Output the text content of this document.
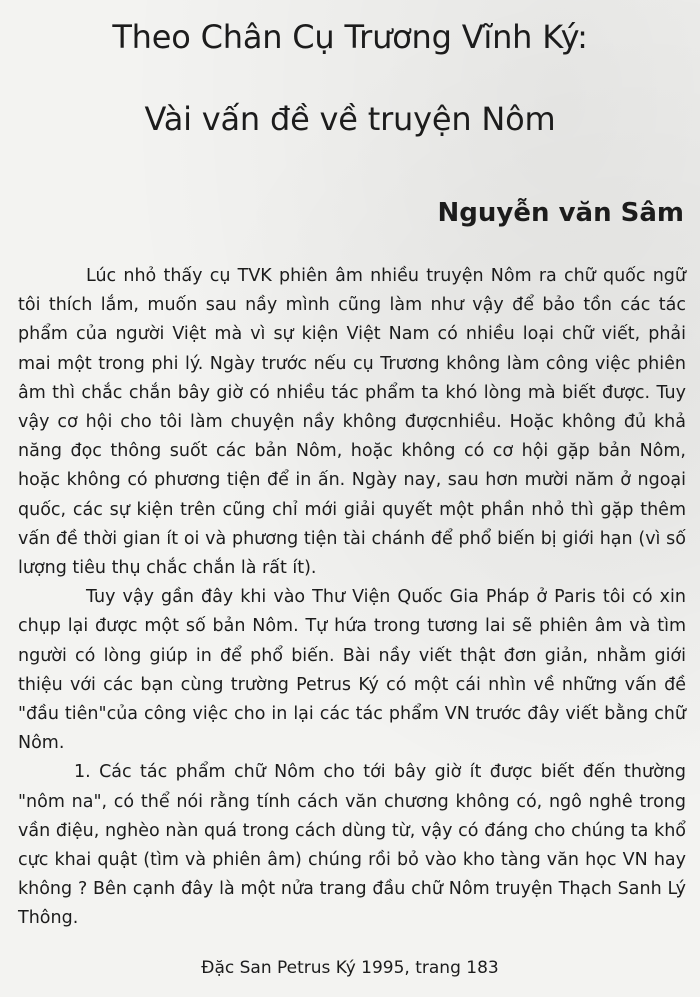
Theo Chân Cụ Trương Vĩnh Ký:
Vài vấn đề về truyện Nôm
Nguyễn văn Sâm

Lúc nhỏ thấy cụ TVK phiên âm nhiều truyện Nôm ra chữ quốc ngữ tôi thích lắm, muốn sau nầy mình cũng làm như vậy để bảo tồn các tác phẩm của người Việt mà vì sự kiện Việt Nam có nhiều loại chữ viết, phải mai một trong phi lý. Ngày trước nếu cụ Trương không làm công việc phiên âm thì chắc chắn bây giờ có nhiều tác phẩm ta khó lòng mà biết được. Tuy vậy cơ hội cho tôi làm chuyện nầy không đượcnhiều. Hoặc không đủ khả năng đọc thông suốt các bản Nôm, hoặc không có cơ hội gặp bản Nôm, hoặc không có phương tiện để in ấn. Ngày nay, sau hơn mười năm ở ngoại quốc, các sự kiện trên cũng chỉ mới giải quyết một phần nhỏ thì gặp thêm vấn đề thời gian ít oi và phương tiện tài chánh để phổ biến bị giới hạn (vì số lượng tiêu thụ chắc chắn là rất ít).

Tuy vậy gần đây khi vào Thư Viện Quốc Gia Pháp ở Paris tôi có xin chụp lại được một số bản Nôm. Tự hứa trong tương lai sẽ phiên âm và tìm người có lòng giúp in để phổ biến. Bài nầy viết thật đơn giản, nhằm giới thiệu với các bạn cùng trường Petrus Ký có một cái nhìn về những vấn đề "đầu tiên"của công việc cho in lại các tác phẩm VN trước đây viết bằng chữ Nôm.

1. Các tác phẩm chữ Nôm cho tới bây giờ ít được biết đến thường "nôm na", có thể nói rằng tính cách văn chương không có, ngô nghê trong vần điệu, nghèo nàn quá trong cách dùng từ, vậy có đáng cho chúng ta khổ cực khai quật (tìm và phiên âm) chúng rồi bỏ vào kho tàng văn học VN hay không ? Bên cạnh đây là một nửa trang đầu chữ Nôm truyện Thạch Sanh Lý Thông.

Đặc San Petrus Ký 1995, trang 183
